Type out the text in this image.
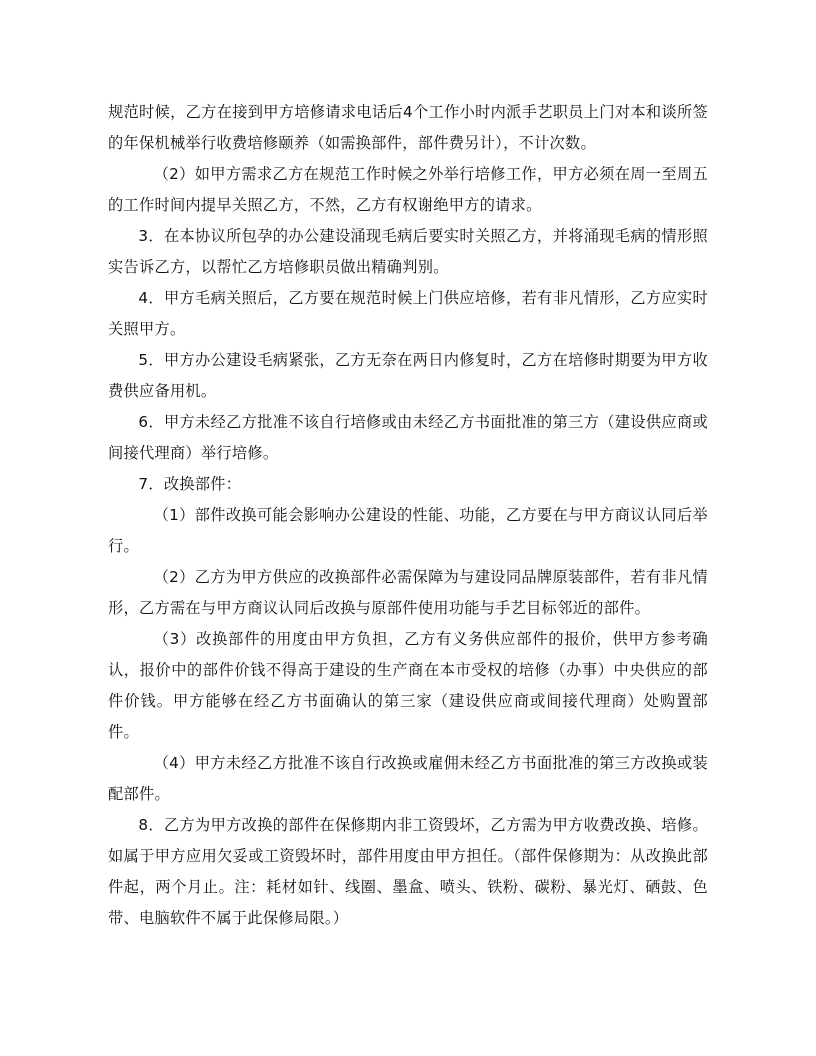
规范时候，乙方在接到甲方培修请求电话后4个工作小时内派手艺职员上门对本和谈所签的年保机械举行收费培修颐养（如需换部件，部件费另计），不计次数。

（2）如甲方需求乙方在规范工作时候之外举行培修工作，甲方必须在周一至周五的工作时间内提早关照乙方，不然，乙方有权谢绝甲方的请求。

3．在本协议所包孕的办公建设涌现毛病后要实时关照乙方，并将涌现毛病的情形照实告诉乙方，以帮忙乙方培修职员做出精确判别。

4．甲方毛病关照后，乙方要在规范时候上门供应培修，若有非凡情形，乙方应实时关照甲方。

5．甲方办公建设毛病紧张，乙方无奈在两日内修复时，乙方在培修时期要为甲方收费供应备用机。

6．甲方未经乙方批准不该自行培修或由未经乙方书面批准的第三方（建设供应商或间接代理商）举行培修。

7．改换部件：

（1）部件改换可能会影响办公建设的性能、功能，乙方要在与甲方商议认同后举行。

（2）乙方为甲方供应的改换部件必需保障为与建设同品牌原装部件，若有非凡情形，乙方需在与甲方商议认同后改换与原部件使用功能与手艺目标邻近的部件。

（3）改换部件的用度由甲方负担，乙方有义务供应部件的报价，供甲方参考确认，报价中的部件价钱不得高于建设的生产商在本市受权的培修（办事）中央供应的部件价钱。甲方能够在经乙方书面确认的第三家（建设供应商或间接代理商）处购置部件。

（4）甲方未经乙方批准不该自行改换或雇佣未经乙方书面批准的第三方改换或装配部件。

8．乙方为甲方改换的部件在保修期内非工资毁坏，乙方需为甲方收费改换、培修。如属于甲方应用欠妥或工资毁坏时，部件用度由甲方担任。（部件保修期为：从改换此部件起，两个月止。注：耗材如针、线圈、墨盒、喷头、铁粉、碳粉、暴光灯、硒鼓、色带、电脑软件不属于此保修局限。）
